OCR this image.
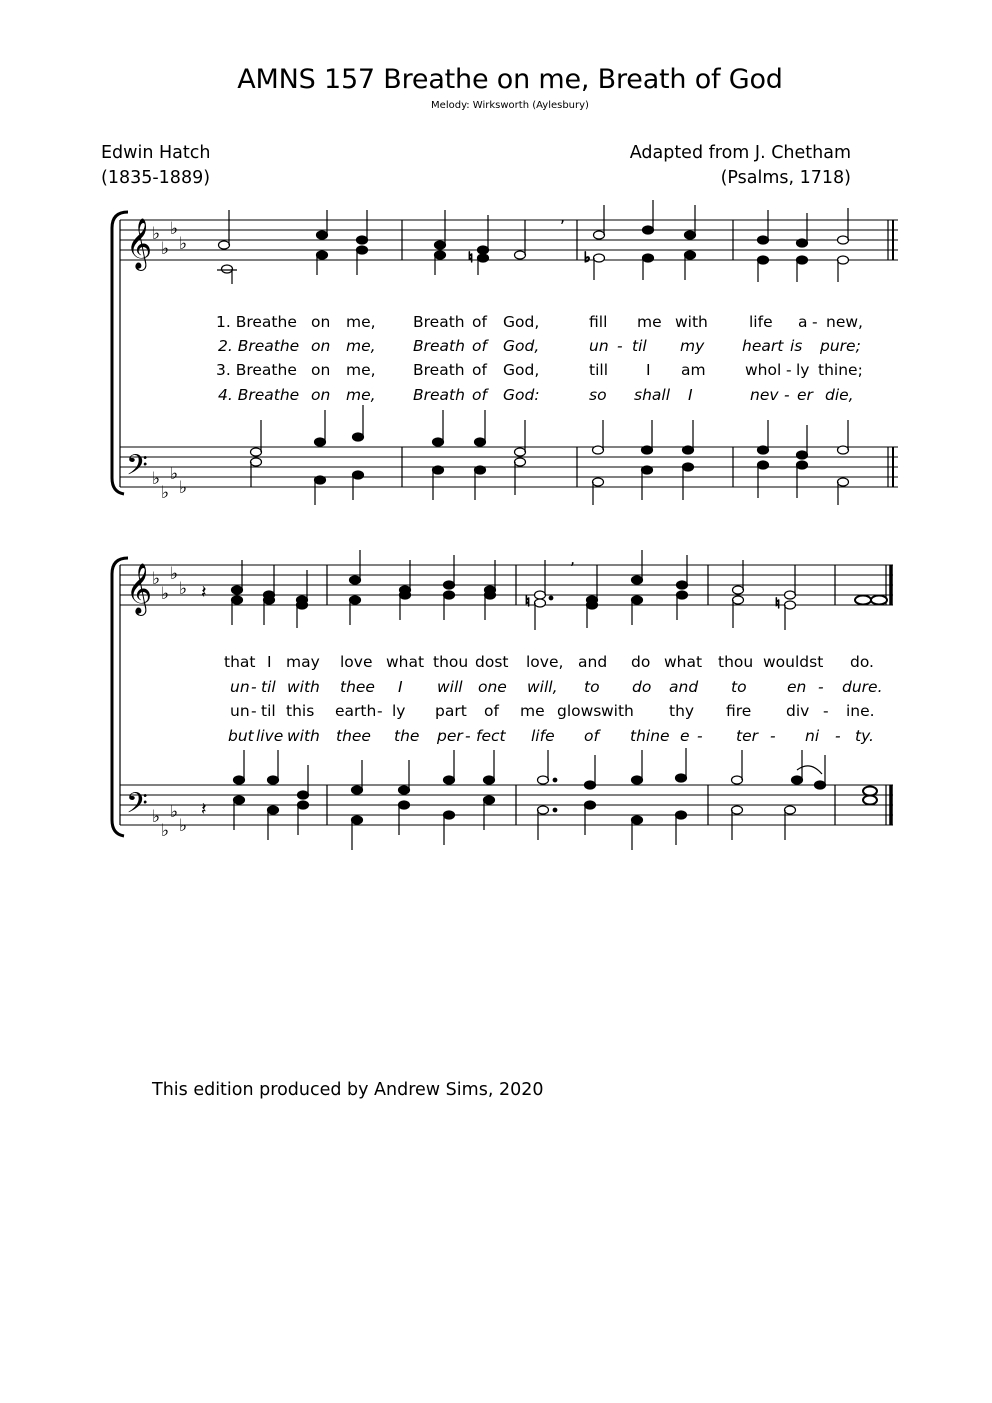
AMNS 157 Breathe on me, Breath of God
Melody: Wirksworth (Aylesbury)
Edwin Hatch
(1835-1889)
Adapted from J. Chetham
(Psalms, 1718)
𝄞
𝄢
♭
♭
♭
♭
♭
♭
♭
♭
,
♮	♭
𝄞
𝄢
♭
♭
♭
♭
♭
♭
♭
♭
𝄽
𝄽
,
♮	♮
1. Breathe on me, Breath of God,	fill me with	life a - new,
2. Breathe on me, Breath of God,	un - til my heart is pure;
3. Breathe on me, Breath of God,	till I am	whol - ly thine;
4. Breathe on me, Breath of God:	so shall I	nev - er die,
that I may love what thou dost love, and do what thou wouldst do.
un - til with thee I will one will, to do and to	en - dure.
un - til this earth - ly part of me glows with thy fire div - ine.
but live with thee the per - fect life of thine e - ter - ni - ty.
This edition produced by Andrew Sims, 2020
